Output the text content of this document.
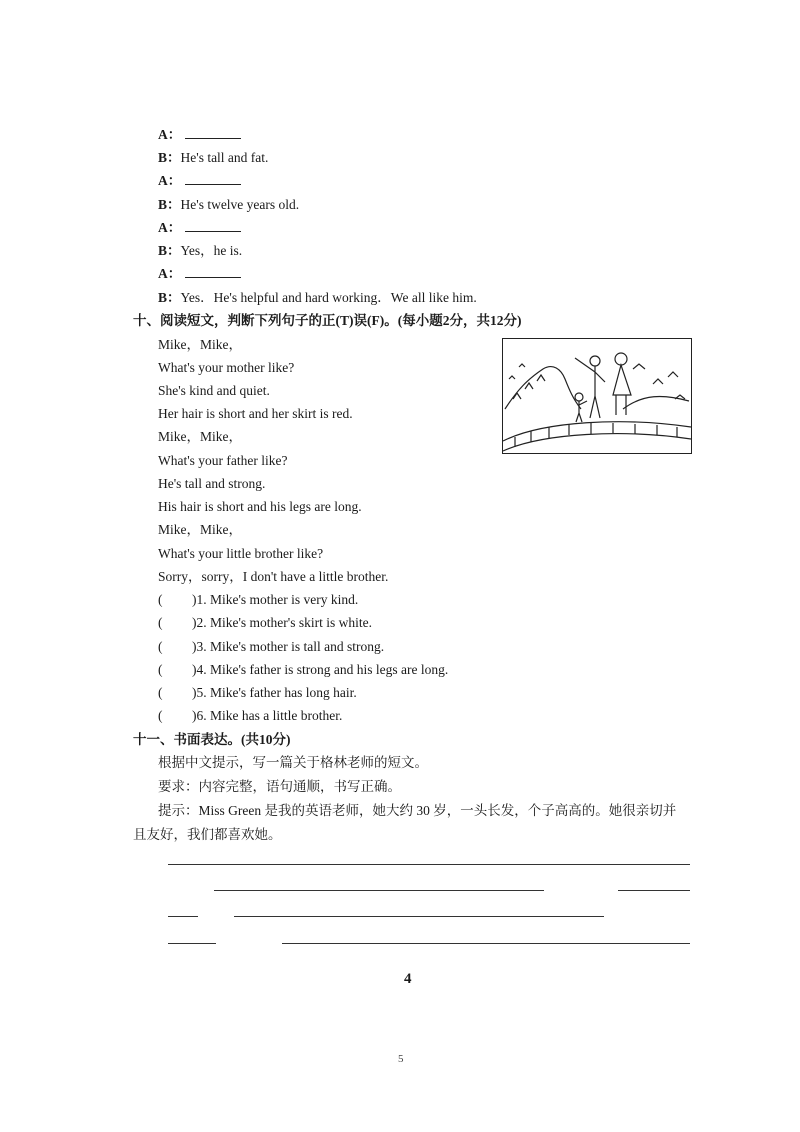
A：
B：He's tall and fat.
A：
B：He's twelve years old.
A：
B：Yes，he is.
A：
B：Yes．He's helpful and hard working．We all like him.
十、阅读短文，判断下列句子的正(T)误(F)。(每小题2分，共12分)
Mike，Mike，
What's your mother like?
She's kind and quiet.
Her hair is short and her skirt is red.
Mike，Mike，
What's your father like?
He's tall and strong.
His hair is short and his legs are long.
Mike，Mike，
What's your little brother like?
Sorry，sorry，I don't have a little brother.
( )1. Mike's mother is very kind.
( )2. Mike's mother's skirt is white.
( )3. Mike's mother is tall and strong.
( )4. Mike's father is strong and his legs are long.
( )5. Mike's father has long hair.
( )6. Mike has a little brother.
十一、书面表达。(共10分)
根据中文提示，写一篇关于格林老师的短文。
要求：内容完整，语句通顺，书写正确。
提示：Miss Green 是我的英语老师，她大约 30 岁，一头长发，个子高高的。她很亲切并
且友好，我们都喜欢她。
4
5
